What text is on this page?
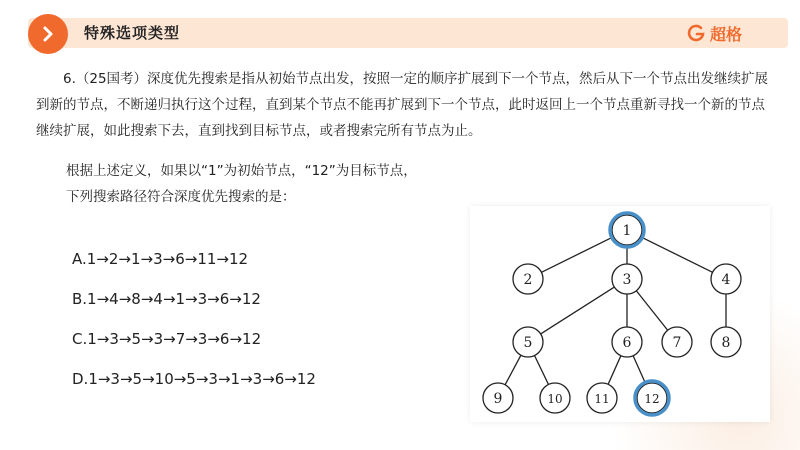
特殊选项类型	超格
6.（25国考）深度优先搜索是指从初始节点出发，按照一定的顺序扩展到下一个节点，然后从下一个节点出发继续扩展到新的节点，不断递归执行这个过程，直到某个节点不能再扩展到下一个节点，此时返回上一个节点重新寻找一个新的节点继续扩展，如此搜索下去，直到找到目标节点，或者搜索完所有节点为止。
根据上述定义，如果以“1”为初始节点，“12”为目标节点，
下列搜索路径符合深度优先搜索的是：
A.1→2→1→3→6→11→12
B.1→4→8→4→1→3→6→12
C.1→3→5→3→7→3→6→12
D.1→3→5→10→5→3→1→3→6→12
1
2	3	4
5	6	7	8
9	10	11	12
